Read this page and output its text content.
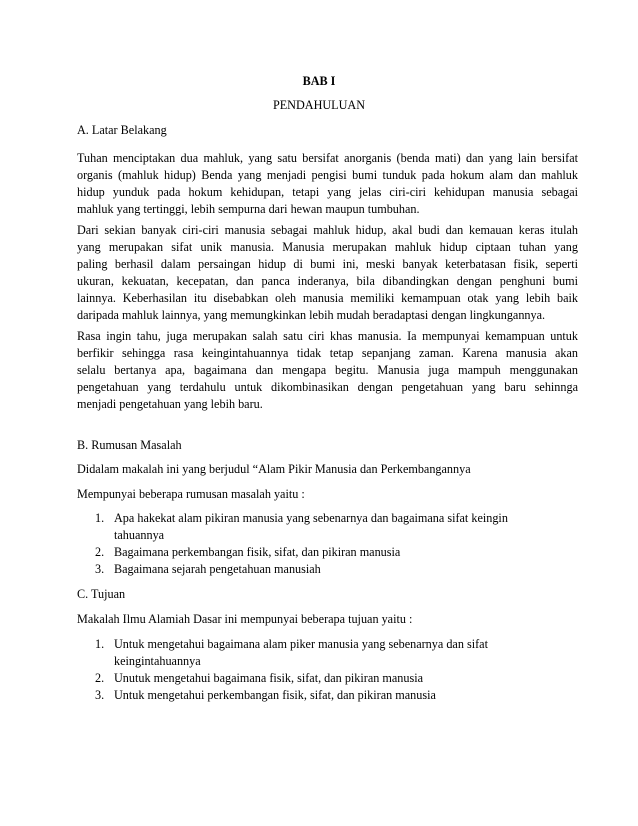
BAB I
PENDAHULUAN
A. Latar Belakang
Tuhan menciptakan dua mahluk, yang satu bersifat anorganis (benda mati) dan yang lain bersifat
organis (mahluk hidup) Benda yang menjadi pengisi bumi tunduk pada hokum alam dan mahluk
hidup yunduk pada hokum kehidupan, tetapi yang jelas ciri-ciri kehidupan manusia sebagai
mahluk yang tertinggi, lebih sempurna dari hewan maupun tumbuhan.
Dari sekian banyak ciri-ciri manusia sebagai mahluk hidup, akal budi dan kemauan keras itulah
yang merupakan sifat unik manusia. Manusia merupakan mahluk hidup ciptaan tuhan yang
paling berhasil dalam persaingan hidup di bumi ini, meski banyak keterbatasan fisik, seperti
ukuran, kekuatan, kecepatan, dan panca inderanya, bila dibandingkan dengan penghuni bumi
lainnya. Keberhasilan itu disebabkan oleh manusia memiliki kemampuan otak yang lebih baik
daripada mahluk lainnya, yang memungkinkan lebih mudah beradaptasi dengan lingkungannya.
Rasa ingin tahu, juga merupakan salah satu ciri khas manusia. Ia mempunyai kemampuan untuk
berfikir sehingga rasa keingintahuannya tidak tetap sepanjang zaman. Karena manusia akan
selalu bertanya apa, bagaimana dan mengapa begitu. Manusia juga mampuh menggunakan
pengetahuan yang terdahulu untuk dikombinasikan dengan pengetahuan yang baru sehinnga
menjadi pengetahuan yang lebih baru.
B. Rumusan Masalah
Didalam makalah ini yang berjudul “Alam Pikir Manusia dan Perkembangannya
Mempunyai beberapa rumusan masalah yaitu :
1. Apa hakekat alam pikiran manusia yang sebenarnya dan bagaimana sifat keingin
tahuannya
2. Bagaimana perkembangan fisik, sifat, dan pikiran manusia
3. Bagaimana sejarah pengetahuan manusiah
C. Tujuan
Makalah Ilmu Alamiah Dasar ini mempunyai beberapa tujuan yaitu :
1. Untuk mengetahui bagaimana alam piker manusia yang sebenarnya dan sifat
keingintahuannya
2. Unutuk mengetahui bagaimana fisik, sifat, dan pikiran manusia
3. Untuk mengetahui perkembangan fisik, sifat, dan pikiran manusia
